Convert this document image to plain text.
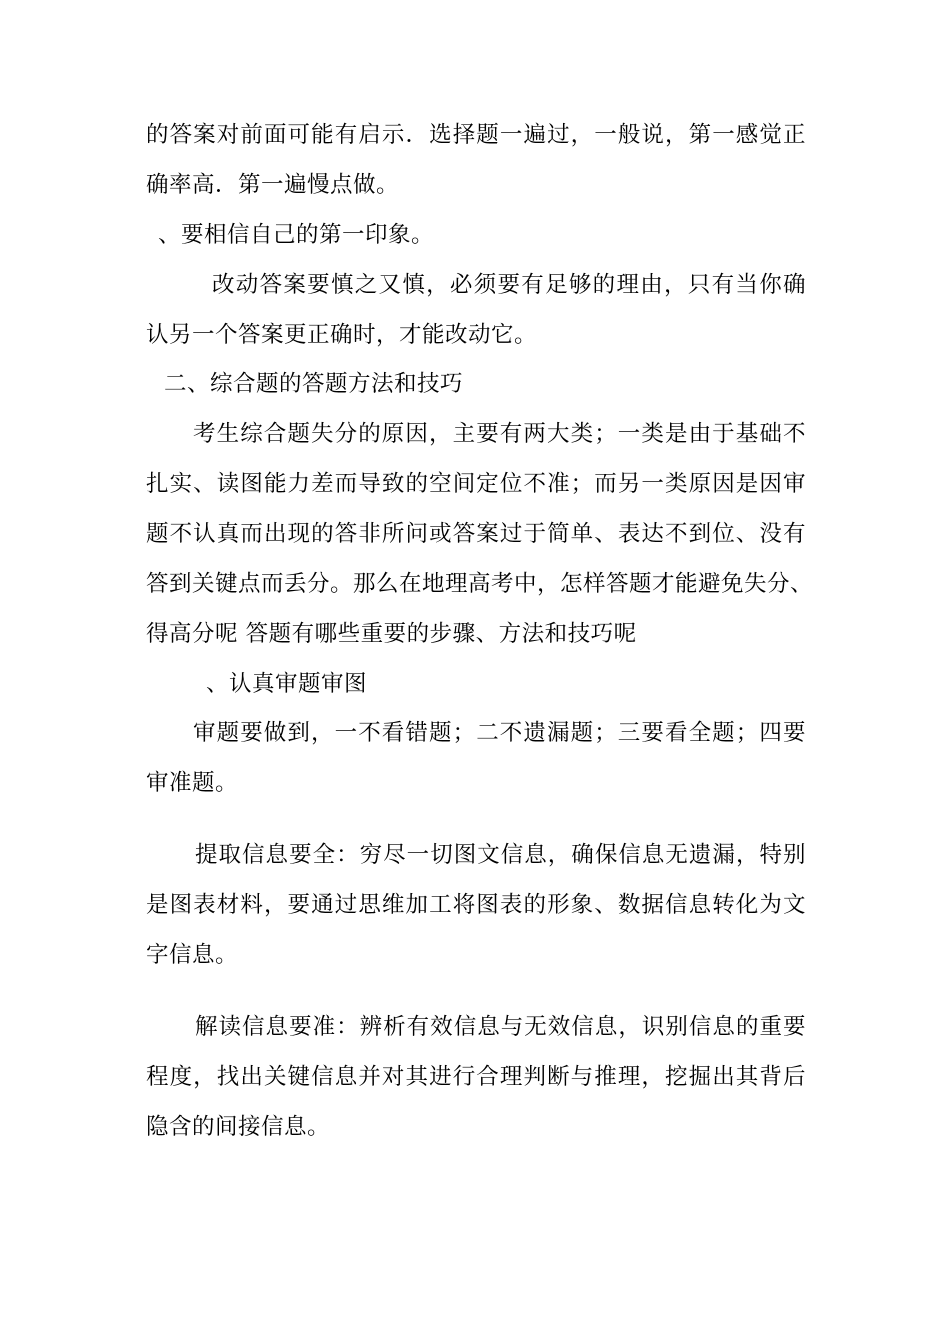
的答案对前面可能有启示．选择题一遍过，一般说，第一感觉正
确率高．第一遍慢点做。
、要相信自己的第一印象。
改动答案要慎之又慎，必须要有足够的理由，只有当你确
认另一个答案更正确时，才能改动它。
二、综合题的答题方法和技巧
考生综合题失分的原因，主要有两大类；一类是由于基础不
扎实、读图能力差而导致的空间定位不准；而另一类原因是因审
题不认真而出现的答非所问或答案过于简单、表达不到位、没有
答到关键点而丢分。那么在地理高考中，怎样答题才能避免失分、
得高分呢 答题有哪些重要的步骤、方法和技巧呢
、认真审题审图
审题要做到，一不看错题；二不遗漏题；三要看全题；四要
审准题。
提取信息要全：穷尽一切图文信息，确保信息无遗漏，特别
是图表材料，要通过思维加工将图表的形象、数据信息转化为文
字信息。
解读信息要准：辨析有效信息与无效信息，识别信息的重要
程度，找出关键信息并对其进行合理判断与推理，挖掘出其背后
隐含的间接信息。
